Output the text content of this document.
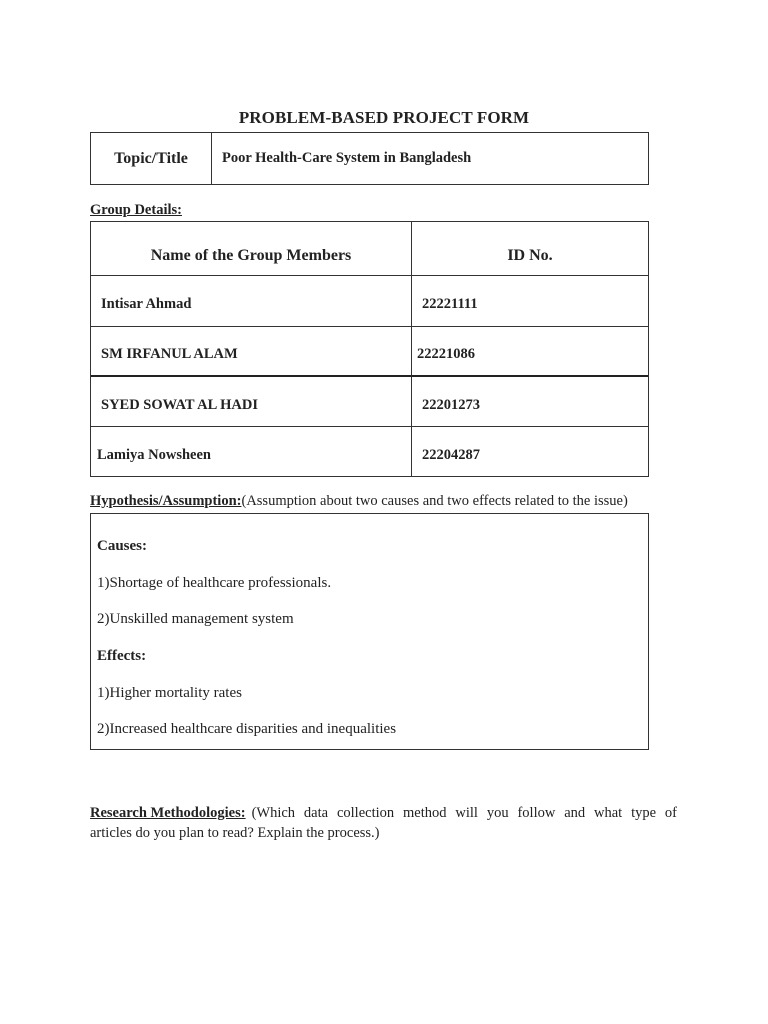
PROBLEM-BASED PROJECT FORM
Topic/Title	Poor Health-Care System in Bangladesh
Group Details:
Name of the Group Members	ID No.
Intisar Ahmad	22221111
SM IRFANUL ALAM	22221086
SYED SOWAT AL HADI	22201273
Lamiya Nowsheen	22204287
Hypothesis/Assumption:(Assumption about two causes and two effects related to the issue)
Causes:
1)Shortage of healthcare professionals.
2)Unskilled management system
Effects:
1)Higher mortality rates
2)Increased healthcare disparities and inequalities
Research Methodologies: (Which data collection method will you follow and what type of
articles do you plan to read? Explain the process.)
